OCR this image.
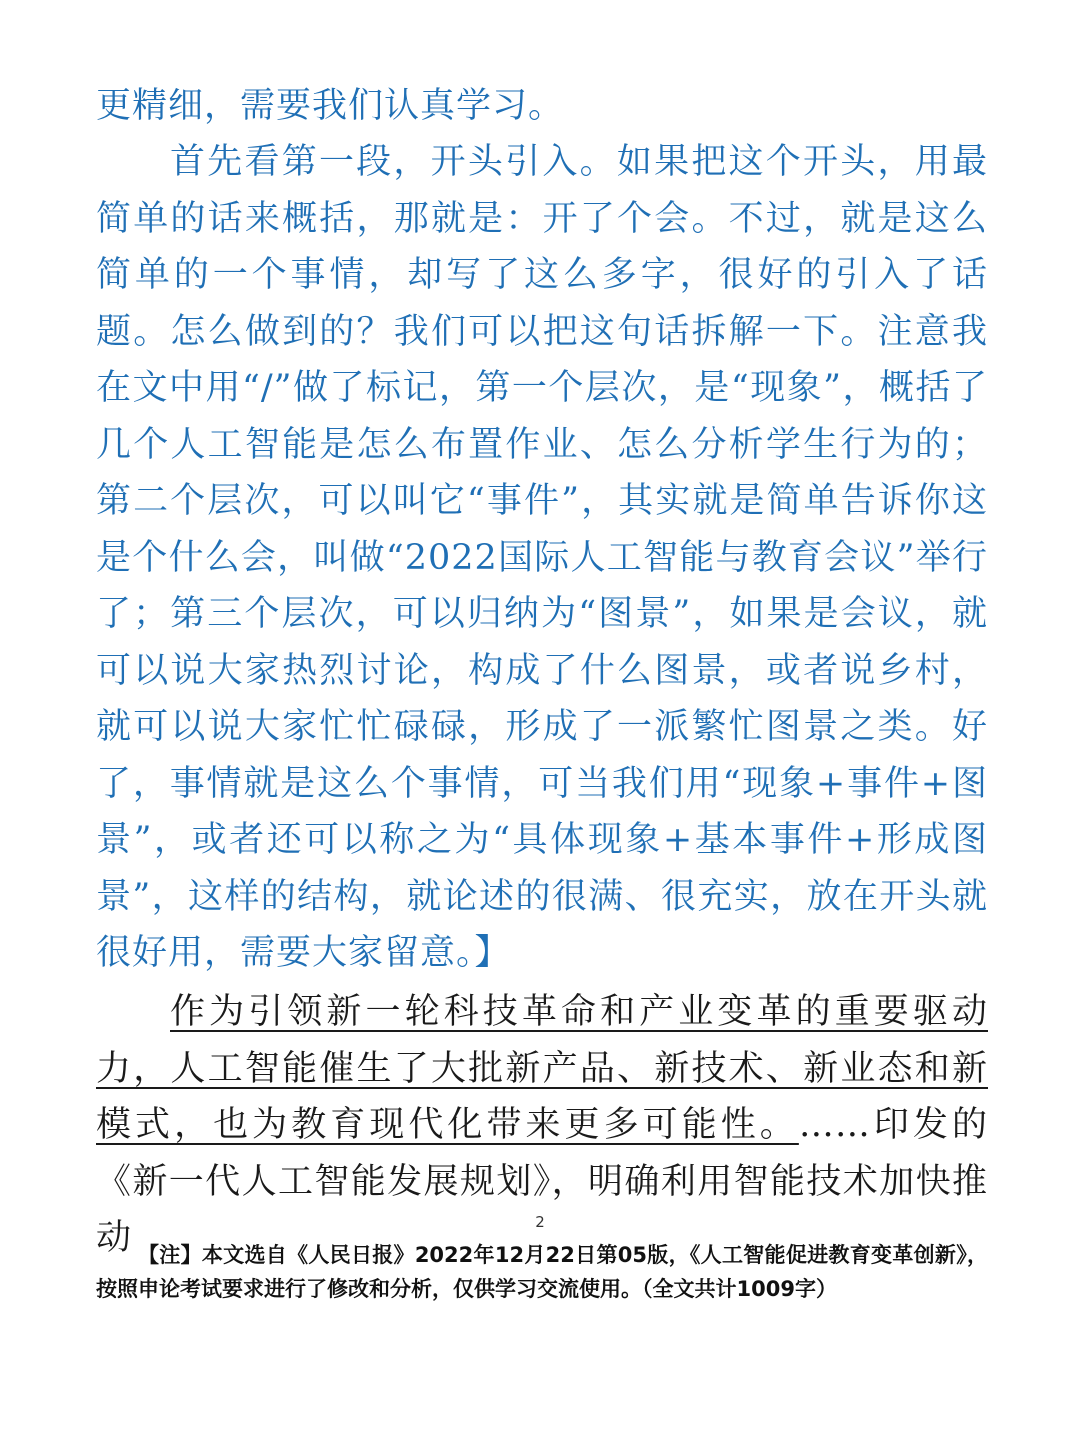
更精细，需要我们认真学习。
首先看第一段，开头引入。如果把这个开头，用最简单的话来概括，那就是：开了个会。不过，就是这么简单的一个事情，却写了这么多字，很好的引入了话题。怎么做到的？我们可以把这句话拆解一下。注意我在文中用“/”做了标记，第一个层次，是“现象”，概括了几个人工智能是怎么布置作业、怎么分析学生行为的；第二个层次，可以叫它“事件”，其实就是简单告诉你这是个什么会，叫做“2022国际人工智能与教育会议”举行了；第三个层次，可以归纳为“图景”，如果是会议，就可以说大家热烈讨论，构成了什么图景，或者说乡村，就可以说大家忙忙碌碌，形成了一派繁忙图景之类。好了，事情就是这么个事情，可当我们用“现象+事件+图景”，或者还可以称之为“具体现象+基本事件+形成图景”，这样的结构，就论述的很满、很充实，放在开头就很好用，需要大家留意。】
作为引领新一轮科技革命和产业变革的重要驱动力，人工智能催生了大批新产品、新技术、新业态和新模式，也为教育现代化带来更多可能性。……印发的《新一代人工智能发展规划》，明确利用智能技术加快推动	2
【注】本文选自《人民日报》2022年12月22日第05版，《人工智能促进教育变革创新》，按照申论考试要求进行了修改和分析，仅供学习交流使用。（全文共计1009字）
